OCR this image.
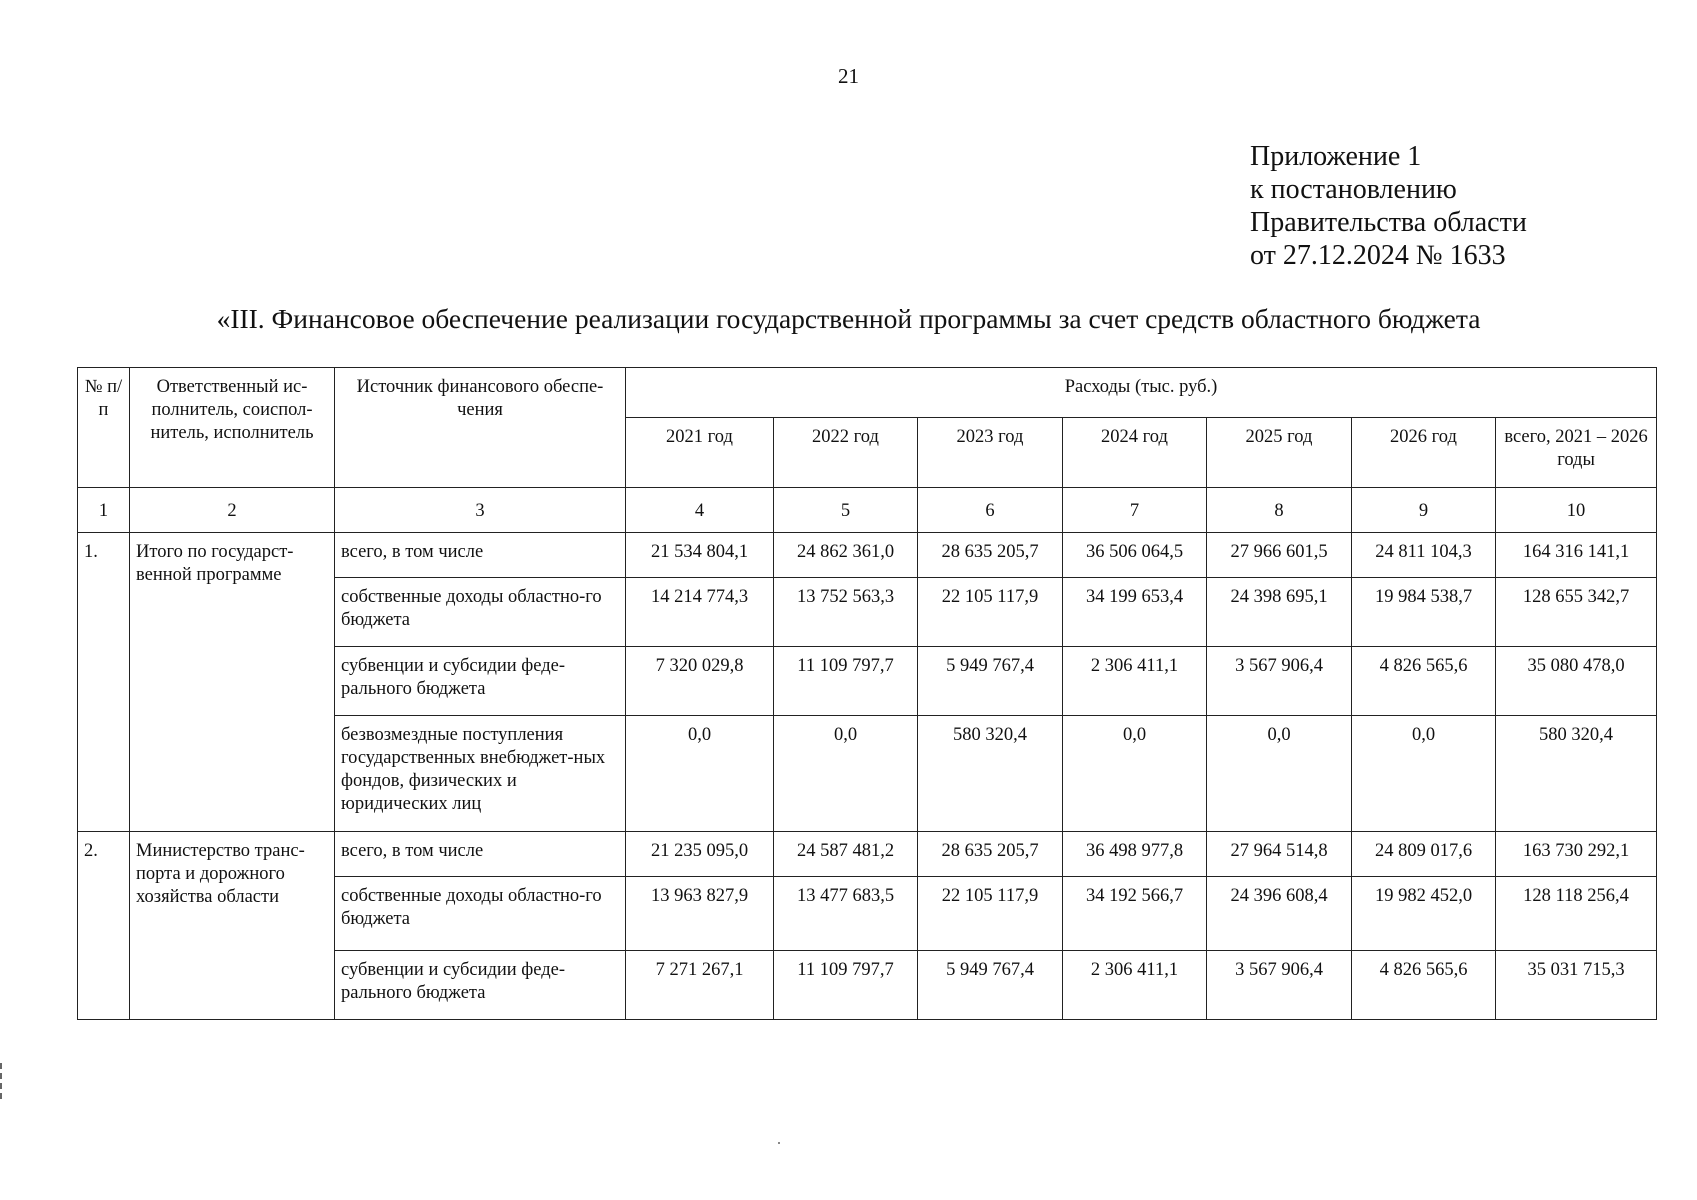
21
Приложение 1
к постановлению
Правительства области
от 27.12.2024 № 1633
«III. Финансовое обеспечение реализации государственной программы за счет средств областного бюджета
№ п/п	Ответственный ис-полнитель, соиспол-нитель, исполнитель	Источник финансового обеспе-чения	Расходы (тыс. руб.)						
			2021 год	2022 год	2023 год	2024 год	2025 год	2026 год	всего, 2021 – 2026 годы
1	2	3	4	5	6	7	8	9	10
1.	Итого по государст-венной программе	всего, в том числе	21 534 804,1	24 862 361,0	28 635 205,7	36 506 064,5	27 966 601,5	24 811 104,3	164 316 141,1
		собственные доходы областно-го бюджета	14 214 774,3	13 752 563,3	22 105 117,9	34 199 653,4	24 398 695,1	19 984 538,7	128 655 342,7
		субвенции и субсидии феде-рального бюджета	7 320 029,8	11 109 797,7	5 949 767,4	2 306 411,1	3 567 906,4	4 826 565,6	35 080 478,0
		безвозмездные поступления государственных внебюджет-ных фондов, физических и юридических лиц	0,0	0,0	580 320,4	0,0	0,0	0,0	580 320,4
2.	Министерство транс-порта и дорожного хозяйства области	всего, в том числе	21 235 095,0	24 587 481,2	28 635 205,7	36 498 977,8	27 964 514,8	24 809 017,6	163 730 292,1
		собственные доходы областно-го бюджета	13 963 827,9	13 477 683,5	22 105 117,9	34 192 566,7	24 396 608,4	19 982 452,0	128 118 256,4
		субвенции и субсидии феде-рального бюджета	7 271 267,1	11 109 797,7	5 949 767,4	2 306 411,1	3 567 906,4	4 826 565,6	35 031 715,3
